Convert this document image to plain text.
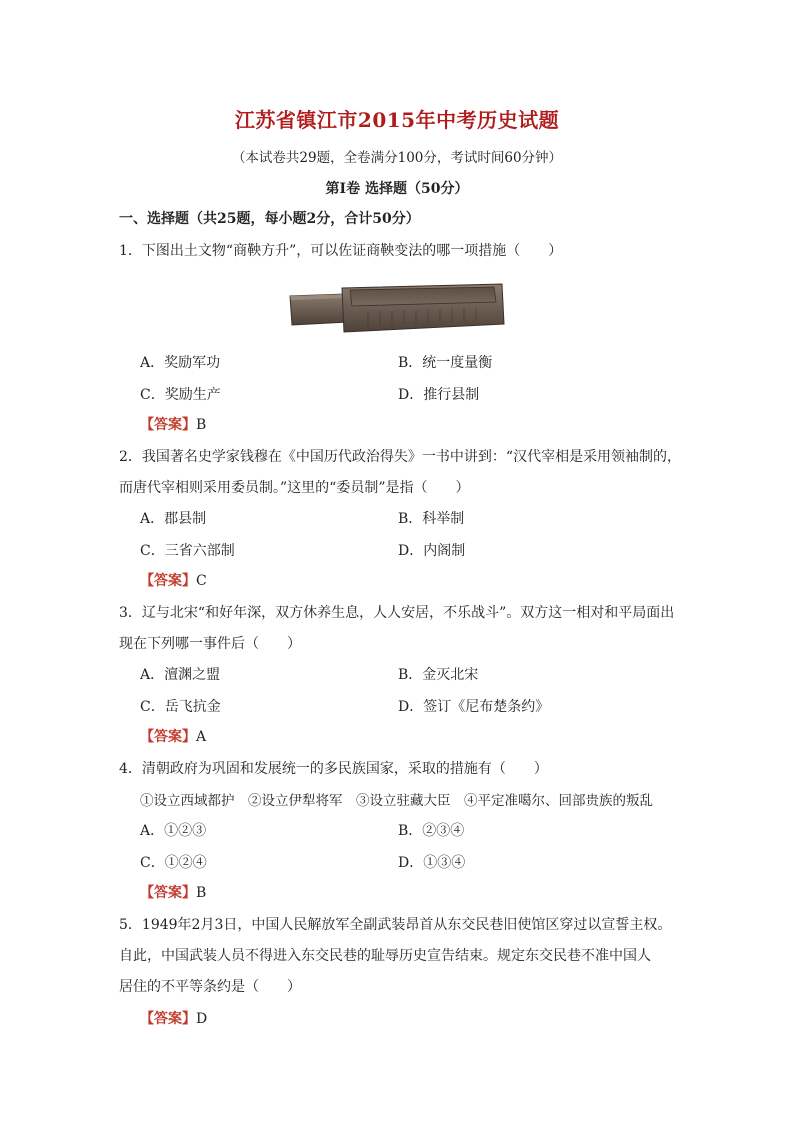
江苏省镇江市2015年中考历史试题
（本试卷共29题，全卷满分100分，考试时间60分钟）
第Ⅰ卷 选择题（50分）
一、选择题（共25题，每小题2分，合计50分）
1．下图出土文物“商鞅方升”，可以佐证商鞅变法的哪一项措施（　　）
A．奖励军功	B．统一度量衡
C．奖励生产	D．推行县制
【答案】B
2．我国著名史学家钱穆在《中国历代政治得失》一书中讲到：“汉代宰相是采用领袖制的，
而唐代宰相则采用委员制。”这里的“委员制”是指（　　）
A．郡县制	B．科举制
C．三省六部制	D．内阁制
【答案】C
3．辽与北宋“和好年深，双方休养生息，人人安居，不乐战斗”。双方这一相对和平局面出
现在下列哪一事件后（　　）
A．澶渊之盟	B．金灭北宋
C．岳飞抗金	D．签订《尼布楚条约》
【答案】A
4．清朝政府为巩固和发展统一的多民族国家，采取的措施有（　　）
①设立西域都护　②设立伊犁将军　③设立驻藏大臣　④平定准噶尔、回部贵族的叛乱
A．①②③	B．②③④
C．①②④	D．①③④
【答案】B
5．1949年2月3日，中国人民解放军全副武装昂首从东交民巷旧使馆区穿过以宣誓主权。
自此，中国武装人员不得进入东交民巷的耻辱历史宣告结束。规定东交民巷不准中国人
居住的不平等条约是（　　）
【答案】D
